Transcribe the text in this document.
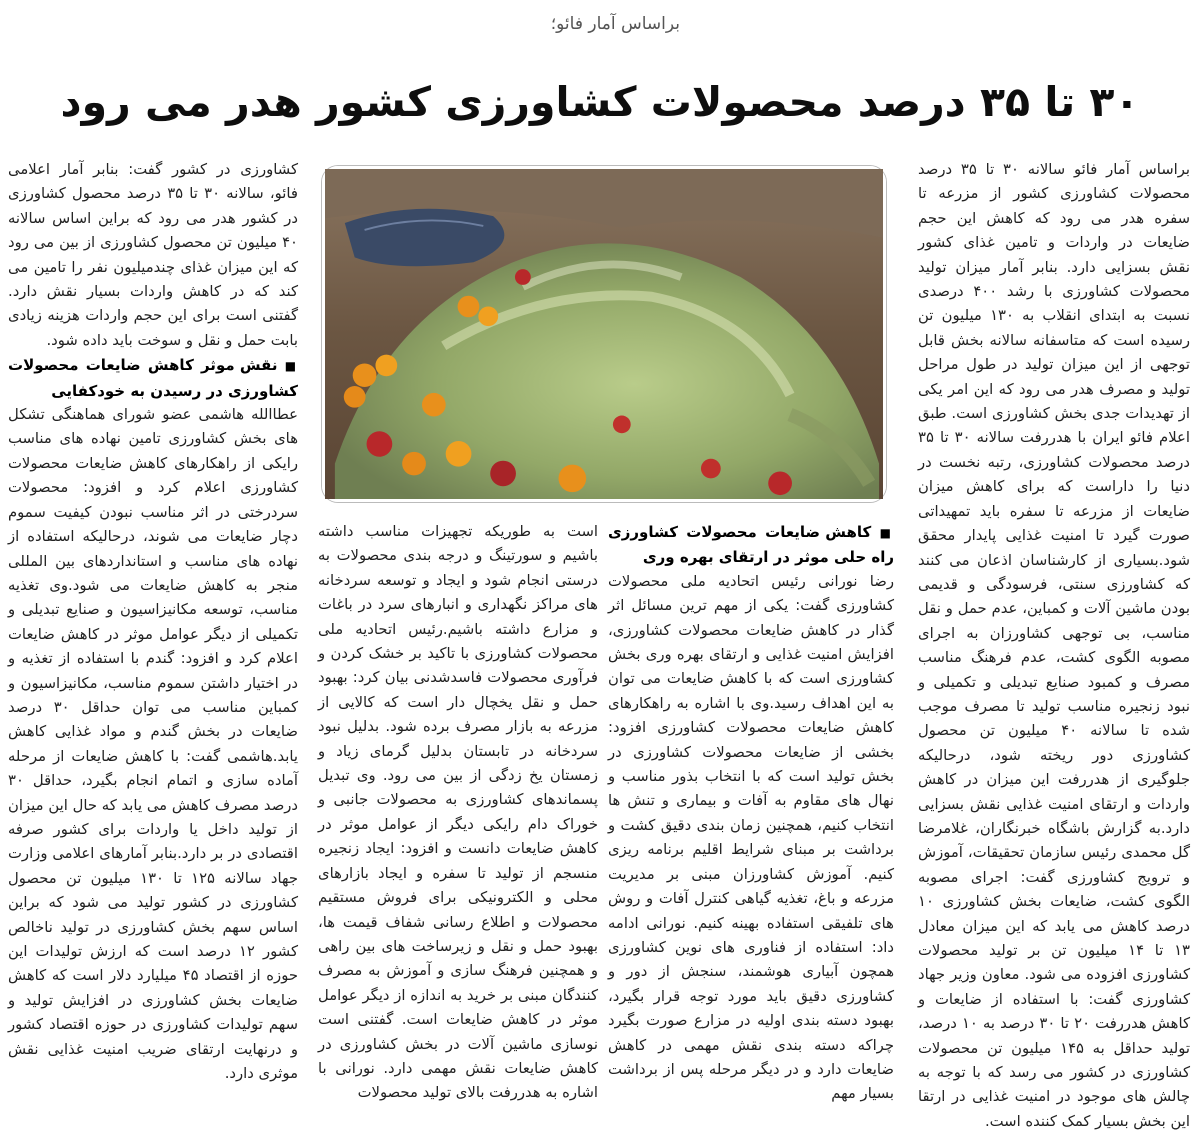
براساس آمار فائو؛
۳۰ تا ۳۵ درصد محصولات کشاورزی کشور هدر می رود

براساس آمار فائو سالانه ۳۰ تا ۳۵ درصد محصولات کشاورزی کشور از مزرعه تا سفره هدر می رود که کاهش این حجم ضایعات در واردات و تامین غذای کشور نقش بسزایی دارد. بنابر آمار میزان تولید محصولات کشاورزی با رشد ۴۰۰ درصدی نسبت به ابتدای انقلاب به ۱۳۰ میلیون تن رسیده است که متاسفانه سالانه بخش قابل توجهی از این میزان تولید در طول مراحل تولید و مصرف هدر می رود که این امر یکی از تهدیدات جدی بخش کشاورزی است. طبق اعلام فائو ایران با هدررفت سالانه ۳۰ تا ۳۵ درصد محصولات کشاورزی، رتبه نخست در دنیا را داراست که برای کاهش میزان ضایعات از مزرعه تا سفره باید تمهیداتی صورت گیرد تا امنیت غذایی پایدار محقق شود.بسیاری از کارشناسان اذعان می کنند که کشاورزی سنتی، فرسودگی و قدیمی بودن ماشین آلات و کمباین، عدم حمل و نقل مناسب، بی توجهی کشاورزان به اجرای مصوبه الگوی کشت، عدم فرهنگ مناسب مصرف و کمبود صنایع تبدیلی و تکمیلی و نبود زنجیره مناسب تولید تا مصرف موجب شده تا سالانه ۴۰ میلیون تن محصول کشاورزی دور ریخته شود، درحالیکه جلوگیری از هدررفت این میزان در کاهش واردات و ارتقای امنیت غذایی نقش بسزایی دارد.به گزارش باشگاه خبرنگاران، غلامرضا گل محمدی رئیس سازمان تحقیقات، آموزش و ترویج کشاورزی گفت: اجرای مصوبه الگوی کشت، ضایعات بخش کشاورزی ۱۰ درصد کاهش می یابد که این میزان معادل ۱۳ تا ۱۴ میلیون تن بر تولید محصولات کشاورزی افزوده می شود. معاون وزیر جهاد کشاورزی گفت: با استفاده از ضایعات و کاهش هدررفت ۲۰ تا ۳۰ درصد به ۱۰ درصد، تولید حداقل به ۱۴۵ میلیون تن محصولات کشاورزی در کشور می رسد که با توجه به چالش های موجود در امنیت غذایی در ارتقا این بخش بسیار کمک کننده است.

■ کاهش ضایعات محصولات کشاورزی راه حلی موثر در ارتقای بهره وری

رضا نورانی رئیس اتحادیه ملی محصولات کشاورزی گفت: یکی از مهم ترین مسائل اثر گذار در کاهش ضایعات محصولات کشاورزی، افزایش امنیت غذایی و ارتقای بهره وری بخش کشاورزی است که با کاهش ضایعات می توان به این اهداف رسید.وی با اشاره به راهکارهای کاهش ضایعات محصولات کشاورزی افزود: بخشی از ضایعات محصولات کشاورزی در بخش تولید است که با انتخاب بذور مناسب و نهال های مقاوم به آفات و بیماری و تنش ها انتخاب کنیم، همچنین زمان بندی دقیق کشت و برداشت بر مبنای شرایط اقلیم برنامه ریزی کنیم. آموزش کشاورزان مبنی بر مدیریت مزرعه و باغ، تغذیه گیاهی کنترل آفات و روش های تلفیقی استفاده بهینه کنیم. نورانی ادامه داد: استفاده از فناوری های نوین کشاورزی همچون آبیاری هوشمند، سنجش از دور و کشاورزی دقیق باید مورد توجه قرار بگیرد، بهبود دسته بندی اولیه در مزارع صورت بگیرد چراکه دسته بندی نقش مهمی در کاهش ضایعات دارد و در دیگر مرحله پس از برداشت بسیار مهم

است به طوریکه تجهیزات مناسب داشته باشیم و سورتینگ و درجه بندی محصولات به درستی انجام شود و ایجاد و توسعه سردخانه های مراکز نگهداری و انبارهای سرد در باغات و مزارع داشته باشیم.رئیس اتحادیه ملی محصولات کشاورزی با تاکید بر خشک کردن و فرآوری محصولات فاسدشدنی بیان کرد: بهبود حمل و نقل یخچال دار است که کالایی از مزرعه به بازار مصرف برده شود. بدلیل نبود سردخانه در تابستان بدلیل گرمای زیاد و زمستان یخ زدگی از بین می رود. وی تبدیل پسماندهای کشاورزی به محصولات جانبی و خوراک دام رایکی دیگر از عوامل موثر در کاهش ضایعات دانست و افزود: ایجاد زنجیره منسجم از تولید تا سفره و ایجاد بازارهای محلی و الکترونیکی برای فروش مستقیم محصولات و اطلاع رسانی شفاف قیمت ها، بهبود حمل و نقل و زیرساخت های بین راهی و همچنین فرهنگ سازی و آموزش به مصرف کنندگان مبنی بر خرید به اندازه از دیگر عوامل موثر در کاهش ضایعات است. گفتنی است نوسازی ماشین آلات در بخش کشاورزی در کاهش ضایعات نقش مهمی دارد. نورانی با اشاره به هدررفت بالای تولید محصولات

کشاورزی در کشور گفت: بنابر آمار اعلامی فائو، سالانه ۳۰ تا ۳۵ درصد محصول کشاورزی در کشور هدر می رود که براین اساس سالانه ۴۰ میلیون تن محصول کشاورزی از بین می رود که این میزان غذای چندمیلیون نفر را تامین می کند که در کاهش واردات بسیار نقش دارد. گفتنی است برای این حجم واردات هزینه زیادی بابت حمل و نقل و سوخت باید داده شود.

■ نقش موثر کاهش ضایعات محصولات کشاورزی در رسیدن به خودکفایی

عطاالله هاشمی عضو شورای هماهنگی تشکل های بخش کشاورزی تامین نهاده های مناسب رایکی از راهکارهای کاهش ضایعات محصولات کشاورزی اعلام کرد و افزود: محصولات سردرختی در اثر مناسب نبودن کیفیت سموم دچار ضایعات می شوند، درحالیکه استفاده از نهاده های مناسب و استانداردهای بین المللی منجر به کاهش ضایعات می شود.وی تغذیه مناسب، توسعه مکانیزاسیون و صنایع تبدیلی و تکمیلی از دیگر عوامل موثر در کاهش ضایعات اعلام کرد و افزود: گندم با استفاده از تغذیه و در اختیار داشتن سموم مناسب، مکانیزاسیون و کمباین مناسب می توان حداقل ۳۰ درصد ضایعات در بخش گندم و مواد غذایی کاهش یابد.هاشمی گفت: با کاهش ضایعات از مرحله آماده سازی و اتمام انجام بگیرد، حداقل ۳۰ درصد مصرف کاهش می یابد که حال این میزان از تولید داخل یا واردات برای کشور صرفه اقتصادی در بر دارد.بنابر آمارهای اعلامی وزارت جهاد سالانه ۱۲۵ تا ۱۳۰ میلیون تن محصول کشاورزی در کشور تولید می شود که براین اساس سهم بخش کشاورزی در تولید ناخالص کشور ۱۲ درصد است که ارزش تولیدات این حوزه از اقتصاد ۴۵ میلیارد دلار است که کاهش ضایعات بخش کشاورزی در افزایش تولید و سهم تولیدات کشاورزی در حوزه اقتصاد کشور و درنهایت ارتقای ضریب امنیت غذایی نقش موثری دارد.
